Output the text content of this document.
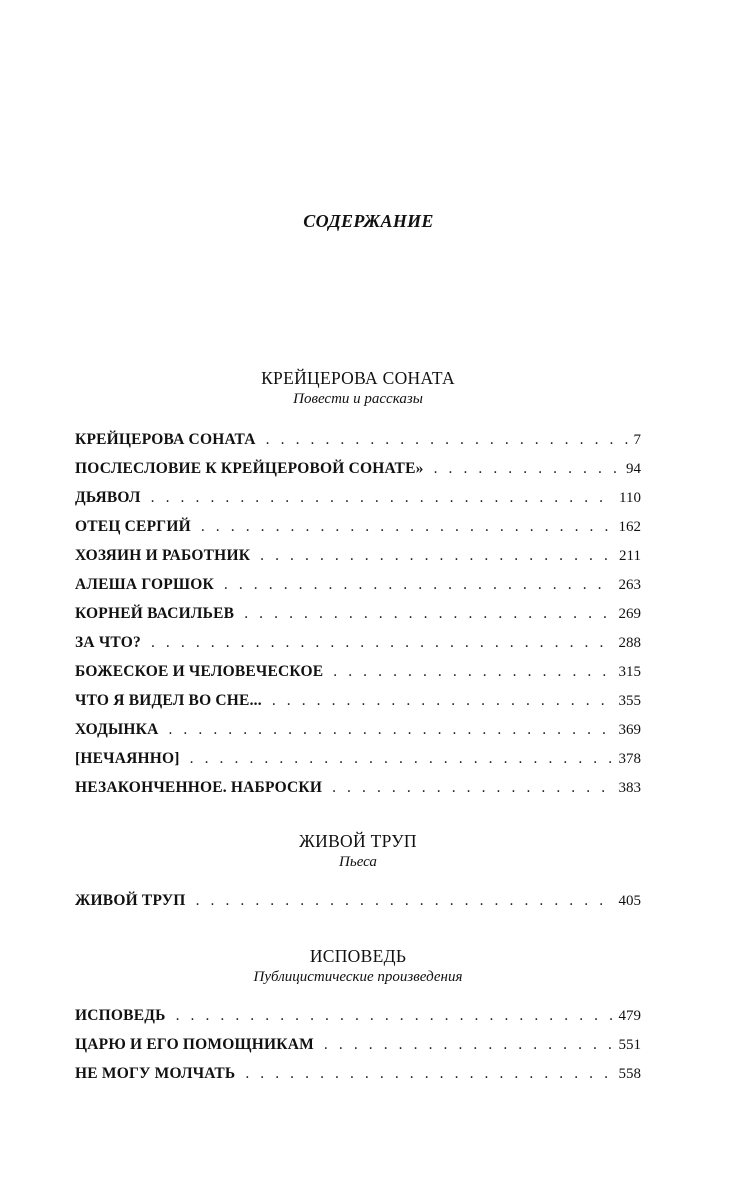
СОДЕРЖАНИЕ
КРЕЙЦЕРОВА СОНАТА
Повести и рассказы
КРЕЙЦЕРОВА СОНАТА . . .	7
ПОСЛЕСЛОВИЕ К КРЕЙЦЕРОВОЙ СОНАТЕ» . . .	94
ДЬЯВОЛ . . .	110
ОТЕЦ СЕРГИЙ . . .	162
ХОЗЯИН И РАБОТНИК . . .	211
АЛЕША ГОРШОК . . .	263
КОРНЕЙ ВАСИЛЬЕВ . . .	269
ЗА ЧТО? . . .	288
БОЖЕСКОЕ И ЧЕЛОВЕЧЕСКОЕ . . .	315
ЧТО Я ВИДЕЛ ВО СНЕ... . . .	355
ХОДЫНКА . . .	369
[НЕЧАЯННО] . . .	378
НЕЗАКОНЧЕННОЕ. НАБРОСКИ . . .	383
ЖИВОЙ ТРУП
Пьеса
ЖИВОЙ ТРУП . . .	405
ИСПОВЕДЬ
Публицистические произведения
ИСПОВЕДЬ . . .	479
ЦАРЮ И ЕГО ПОМОЩНИКАМ . . .	551
НЕ МОГУ МОЛЧАТЬ . . .	558
